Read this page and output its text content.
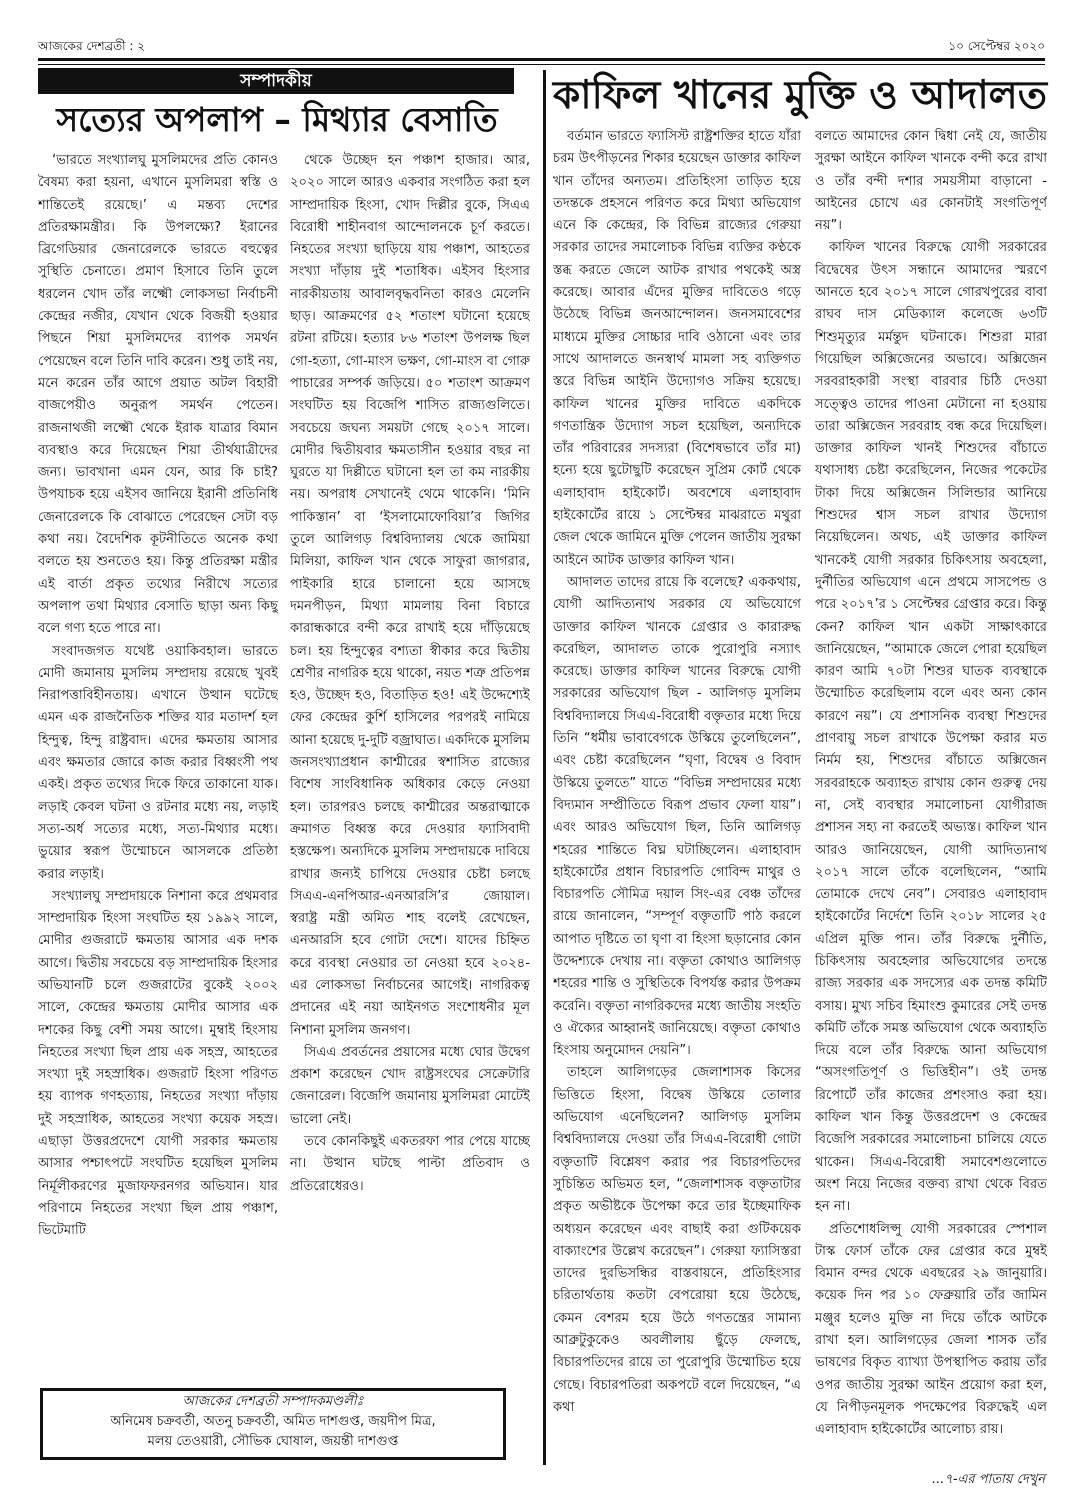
আজকের দেশব্রতী : ২	১০ সেপ্টেম্বর ২০২০
সম্পাদকীয়
সত্যের অপলাপ – মিথ্যার বেসাতি
কাফিল খানের মুক্তি ও আদালত

‘ভারতে সংখ্যালঘু মুসলিমদের প্রতি কোনও বৈষম্য করা হয়না, এখানে মুসলিমরা স্বস্তি ও শান্তিতেই রয়েছে।’ এ মন্তব্য দেশের প্রতিরক্ষামন্ত্রীর। কি উপলক্ষ্যে? ইরানের ব্রিগেডিয়ার জেনারেলকে ভারতে বহুত্বের সুস্থিতি চেনাতে। প্রমাণ হিসাবে তিনি তুলে ধরলেন খোদ তাঁর লক্ষ্মৌ লোকসভা নির্বাচনী কেন্দ্রের নজীর, যেখান থেকে বিজয়ী হওয়ার পিছনে শিয়া মুসলিমদের ব্যাপক সমর্থন পেয়েছেন বলে তিনি দাবি করেন। শুধু তাই নয়, মনে করেন তাঁর আগে প্রয়াত অটল বিহারী বাজপেয়ীও অনুরূপ সমর্থন পেতেন। রাজনাথজী লক্ষ্মৌ থেকে ইরাক যাত্রার বিমান ব্যবস্থাও করে দিয়েছেন শিয়া তীর্থযাত্রীদের জন্য। ভাবখানা এমন যেন, আর কি চাই? উপযাচক হয়ে এইসব জানিয়ে ইরানী প্রতিনিধি জেনারেলকে কি বোঝাতে পেরেছেন সেটা বড় কথা নয়। বৈদেশিক কূটনীতিতে অনেক কথা বলতে হয় শুনতেও হয়। কিন্তু প্রতিরক্ষা মন্ত্রীর এই বার্তা প্রকৃত তথ্যের নিরীখে সত্যের অপলাপ তথা মিথ্যার বেসাতি ছাড়া অন্য কিছু বলে গণ্য হতে পারে না।

সংবাদজগত যথেষ্ট ওয়াকিবহাল। ভারতে মোদী জমানায় মুসলিম সম্প্রদায় রয়েছে খুবই নিরাপত্তাবিহীনতায়। এখানে উত্থান ঘটেছে এমন এক রাজনৈতিক শক্তির যার মতাদর্শ হল হিন্দুত্ব, হিন্দু রাষ্ট্রবাদ। এদের ক্ষমতায় আসার এবং ক্ষমতার জোরে কাজ করার বিধ্বংসী পথ একই। প্রকৃত তথ্যের দিকে ফিরে তাকানো যাক। লড়াই কেবল ঘটনা ও রটনার মধ্যে নয়, লড়াই সত্য-অর্ধ সত্যের মধ্যে, সত্য-মিথ্যার মধ্যে। ভুয়োর স্বরূপ উম্মোচনে আসলকে প্রতিষ্ঠা করার লড়াই।

সংখ্যালঘু সম্প্রদায়কে নিশানা করে প্রথমবার সাম্প্রদায়িক হিংসা সংঘটিত হয় ১৯৯২ সালে, মোদীর গুজরাটে ক্ষমতায় আসার এক দশক আগে। দ্বিতীয় সবচেয়ে বড় সাম্প্রদায়িক হিংসার অভিযানটি চলে গুজরাটের বুকেই ২০০২ সালে, কেন্দ্রের ক্ষমতায় মোদীর আসার এক দশকের কিছু বেশী সময় আগে। মুম্বাই হিংসায় নিহতের সংখ্যা ছিল প্রায় এক সহস্র, আহতের সংখ্যা দুই সহস্রাধিক। গুজরাট হিংসা পরিণত হয় ব্যাপক গণহত্যায়, নিহতের সংখ্যা দাঁড়ায় দুই সহস্রাধিক, আহতের সংখ্যা কয়েক সহস্র। এছাড়া উত্তরপ্রদেশে যোগী সরকার ক্ষমতায় আসার পশ্চাৎপটে সংঘটিত হয়েছিল মুসলিম নির্মূলীকরণের মুজাফফরনগর অভিযান। যার পরিণামে নিহতের সংখ্যা ছিল প্রায় পঞ্চাশ, ভিটেমাটি

থেকে উচ্ছেদ হন পঞ্চাশ হাজার। আর, ২০২০ সালে আরও একবার সংগঠিত করা হল সাম্প্রদায়িক হিংসা, খোদ দিল্লীর বুকে, সিএএ বিরোধী শাহীনবাগ আন্দোলনকে চূর্ণ করতে। নিহতের সংখ্যা ছাড়িয়ে যায় পঞ্চাশ, আহতের সংখ্যা দাঁড়ায় দুই শতাধিক। এইসব হিংসার নারকীয়তায় আবালবৃদ্ধবনিতা কারও মেলেনি ছাড়। আক্রমণের ৫২ শতাংশ ঘটানো হয়েছে রটনা রটিয়ে। হত্যার ৮৬ শতাংশ উপলক্ষ ছিল গো-হত্যা, গো-মাংস ভক্ষণ, গো-মাংস বা গোরু পাচারের সম্পর্ক জড়িয়ে। ৫০ শতাংশ আক্রমণ সংঘটিত হয় বিজেপি শাসিত রাজ্যগুলিতে। সবচেয়ে জঘন্য সময়টা গেছে ২০১৭ সালে। মোদীর দ্বিতীয়বার ক্ষমতাসীন হওয়ার বছর না ঘুরতে যা দিল্লীতে ঘটানো হল তা কম নারকীয় নয়। অপরাধ সেখানেই থেমে থাকেনি। ‘মিনি পাকিস্তান’ বা ‘ইসলামোফোবিয়া’র জিগির তুলে আলিগড় বিশ্ববিদ্যালয় থেকে জামিয়া মিলিয়া, কাফিল খান থেকে সাফুরা জাগরার, পাইকারি হারে চালানো হয়ে আসছে দমনপীড়ন, মিথ্যা মামলায় বিনা বিচারে কারান্ধকারে বন্দী করে রাখাই হয়ে দাঁড়িয়েছে চল। হয় হিন্দুত্বের বশ্যতা স্বীকার করে দ্বিতীয় শ্রেণীর নাগরিক হয়ে থাকো, নয়ত শত্রু প্রতিপন্ন হও, উচ্ছেদ হও, বিতাড়িত হও! এই উদ্দেশ্যেই ফের কেন্দ্রের কুর্শি হাসিলের পরপরই নামিয়ে আনা হয়েছে দু-দুটি বজ্রাঘাত। একদিকে মুসলিম জনসংখ্যাপ্রধান কাশ্মীরের স্বশাসিত রাজ্যের বিশেষ সাংবিধানিক অধিকার কেড়ে নেওয়া হল। তারপরও চলছে কাশ্মীরের অন্তরাত্মাকে ক্রমাগত বিধ্বস্ত করে দেওয়ার ফ্যাসিবাদী হস্তক্ষেপ। অন্যদিকে মুসলিম সম্প্রদায়কে দাবিয়ে রাখার জন্যই চাপিয়ে দেওয়ার চেষ্টা চলছে সিএএ-এনপিআর-এনআরসি’র জোয়াল। স্বরাষ্ট্র মন্ত্রী অমিত শাহ বলেই রেখেছেন, এনআরসি হবে গোটা দেশে। যাদের চিহ্নিত করে ব্যবস্থা নেওয়ার তা নেওয়া হবে ২০২৪-এর লোকসভা নির্বাচনের আগেই। নাগরিকত্ব প্রদানের এই নয়া আইনগত সংশোধনীর মূল নিশানা মুসলিম জনগণ।

সিএএ প্রবর্তনের প্রয়াসের মধ্যে ঘোর উদ্বেগ প্রকাশ করেছেন খোদ রাষ্ট্রসংঘের সেক্রেটারি জেনারেল। বিজেপি জমানায় মুসলিমরা মোটেই ভালো নেই।

তবে কোনকিছুই একতরফা পার পেয়ে যাচ্ছে না। উত্থান ঘটছে পাল্টা প্রতিবাদ ও প্রতিরোধেরও।

আজকের দেশব্রতী সম্পাদকমণ্ডলীঃ
অনিমেষ চক্রবর্তী, অতনু চক্রবর্তী, অমিত দাশগুপ্ত, জয়দীপ মিত্র,
মলয় তেওয়ারী, সৌভিক ঘোষাল, জয়ন্তী দাশগুপ্ত

বর্তমান ভারতে ফ্যাসিস্ট রাষ্ট্রশক্তির হাতে যাঁরা চরম উৎপীড়নের শিকার হয়েছেন ডাক্তার কাফিল খান তাঁদের অন্যতম। প্রতিহিংসা তাড়িত হয়ে তদন্তকে প্রহসনে পরিণত করে মিথ্যা অভিযোগ এনে কি কেন্দ্রের, কি বিভিন্ন রাজ্যের গেরুয়া সরকার তাদের সমালোচক বিভিন্ন ব্যক্তির কণ্ঠকে স্তব্ধ করতে জেলে আটক রাখার পথকেই অস্ত্র করেছে। আবার এঁদের মুক্তির দাবিতেও গড়ে উঠেছে বিভিন্ন জনআন্দোলন। জনসমাবেশের মাধ্যমে মুক্তির সোচ্চার দাবি ওঠানো এবং তার সাথে আদালতে জনস্বার্থ মামলা সহ ব্যক্তিগত স্তরে বিভিন্ন আইনি উদ্যোগও সক্রিয় হয়েছে। কাফিল খানের মুক্তির দাবিতে একদিকে গণতান্ত্রিক উদ্যোগ সচল হয়েছিল, অন্যদিকে তাঁর পরিবারের সদস্যরা (বিশেষভাবে তাঁর মা) হন্যে হয়ে ছুটোছুটি করেছেন সুপ্রিম কোর্ট থেকে এলাহাবাদ হাইকোর্ট। অবশেষে এলাহাবাদ হাইকোর্টের রায়ে ১ সেপ্টেম্বর মাঝরাতে মথুরা জেল থেকে জামিনে মুক্তি পেলেন জাতীয় সুরক্ষা আইনে আটক ডাক্তার কাফিল খান।

আদালত তাদের রায়ে কি বলেছে? এককথায়, যোগী আদিত্যনাথ সরকার যে অভিযোগে ডাক্তার কাফিল খানকে গ্রেপ্তার ও কারারুদ্ধ করেছিল, আদালত তাকে পুরোপুরি নস্যাৎ করেছে। ডাক্তার কাফিল খানের বিরুদ্ধে যোগী সরকারের অভিযোগ ছিল - আলিগড় মুসলিম বিশ্ববিদ্যালয়ে সিএএ-বিরোধী বক্তৃতার মধ্যে দিয়ে তিনি “ধর্মীয় ভাবাবেগকে উস্কিয়ে তুলেছিলেন”, এবং চেষ্টা করেছিলেন “ঘৃণা, বিদ্বেষ ও বিবাদ উস্কিয়ে তুলতে” যাতে “বিভিন্ন সম্প্রদায়ের মধ্যে বিদ্যমান সম্প্রীতিতে বিরূপ প্রভাব ফেলা যায়”। এবং আরও অভিযোগ ছিল, তিনি আলিগড় শহরের শান্তিতে বিঘ্ন ঘটাচ্ছিলেন। এলাহাবাদ হাইকোর্টের প্রধান বিচারপতি গোবিন্দ মাথুর ও বিচারপতি সৌমিত্র দয়াল সিং-এর বেঞ্চ তাঁদের রায়ে জানালেন, “সম্পূর্ণ বক্তৃতাটি পাঠ করলে আপাত দৃষ্টিতে তা ঘৃণা বা হিংসা ছড়ানোর কোন উদ্দেশ্যকে দেখায় না। বক্তৃতা কোথাও আলিগড় শহরের শান্তি ও সুস্থিতিকে বিপর্যস্ত করার উপক্রম করেনি। বক্তৃতা নাগরিকদের মধ্যে জাতীয় সংহতি ও ঐক্যের আহ্বানই জানিয়েছে। বক্তৃতা কোথাও হিংসায় অনুমোদন দেয়নি”।

তাহলে আলিগড়ের জেলাশাসক কিসের ভিত্তিতে হিংসা, বিদ্বেষ উস্কিয়ে তোলার অভিযোগ এনেছিলেন? আলিগড় মুসলিম বিশ্ববিদ্যালয়ে দেওয়া তাঁর সিএএ-বিরোধী গোটা বক্তৃতাটি বিশ্লেষণ করার পর বিচারপতিদের সুচিন্তিত অভিমত হল, “জেলাশাসক বক্তৃতাটার প্রকৃত অভীষ্টকে উপেক্ষা করে তার ইচ্ছেমাফিক অধ্যয়ন করেছেন এবং বাছাই করা গুটিকয়েক বাক্যাংশের উল্লেখ করেছেন”। গেরুয়া ফ্যাসিস্তরা তাদের দুরভিসন্ধির বাস্তবায়নে, প্রতিহিংসার চরিতার্থতায় কতটা বেপরোয়া হয়ে উঠেছে, কেমন বেশরম হয়ে উঠে গণতন্ত্রের সামান্য আব্রুটুকুকেও অবলীলায় ছুঁড়ে ফেলছে, বিচারপতিদের রায়ে তা পুরোপুরি উম্মোচিত হয়ে গেছে। বিচারপতিরা অকপটে বলে দিয়েছেন, “এ কথা

বলতে আমাদের কোন দ্বিধা নেই যে, জাতীয় সুরক্ষা আইনে কাফিল খানকে বন্দী করে রাখা ও তাঁর বন্দী দশার সময়সীমা বাড়ানো - আইনের চোখে এর কোনটাই সংগতিপূর্ণ নয়”।

কাফিল খানের বিরুদ্ধে যোগী সরকারের বিদ্বেষের উৎস সন্ধানে আমাদের স্মরণে আনতে হবে ২০১৭ সালে গোরখপুরের বাবা রাঘব দাস মেডিক্যাল কলেজে ৬৩টি শিশুমৃত্যুর মর্মন্তুদ ঘটনাকে। শিশুরা মারা গিয়েছিল অক্সিজেনের অভাবে। অক্সিজেন সরবরাহকারী সংস্থা বারবার চিঠি দেওয়া সত্ত্বেও তাদের পাওনা মেটানো না হওয়ায় তারা অক্সিজেন সরবরাহ বন্ধ করে দিয়েছিল। ডাক্তার কাফিল খানই শিশুদের বাঁচাতে যথাসাধ্য চেষ্টা করেছিলেন, নিজের পকেটের টাকা দিয়ে অক্সিজেন সিলিন্ডার আনিয়ে শিশুদের শ্বাস সচল রাখার উদ্যোগ নিয়েছিলেন। অথচ, এই ডাক্তার কাফিল খানকেই যোগী সরকার চিকিৎসায় অবহেলা, দুর্নীতির অভিযোগ এনে প্রথমে সাসপেন্ড ও পরে ২০১৭’র ১ সেপ্টেম্বর গ্রেপ্তার করে। কিন্তু কেন? কাফিল খান একটা সাক্ষাৎকারে জানিয়েছেন, “আমাকে জেলে পোরা হয়েছিল কারণ আমি ৭০টা শিশুর ঘাতক ব্যবস্থাকে উম্মোচিত করেছিলাম বলে এবং অন্য কোন কারণে নয়”। যে প্রশাসনিক ব্যবস্থা শিশুদের প্রাণবায়ু সচল রাখাকে উপেক্ষা করার মত নির্মম হয়, শিশুদের বাঁচাতে অক্সিজেন সরবরাহকে অব্যাহত রাখায় কোন গুরুত্ব দেয় না, সেই ব্যবস্থার সমালোচনা যোগীরাজ প্রশাসন সহ্য না করতেই অভ্যস্ত। কাফিল খান আরও জানিয়েছেন, যোগী আদিত্যনাথ ২০১৭ সালে তাঁকে বলেছিলেন, “আমি তোমাকে দেখে নেব”। সেবারও এলাহাবাদ হাইকোর্টের নির্দেশে তিনি ২০১৮ সালের ২৫ এপ্রিল মুক্তি পান। তাঁর বিরুদ্ধে দুর্নীতি, চিকিৎসায় অবহেলার অভিযোগের তদন্তে রাজ্য সরকার এক সদস্যের এক তদন্ত কমিটি বসায়। মুখ্য সচিব হিমাংশু কুমারের সেই তদন্ত কমিটি তাঁকে সমস্ত অভিযোগ থেকে অব্যাহতি দিয়ে বলে তাঁর বিরুদ্ধে আনা অভিযোগ “অসংগতিপূর্ণ ও ভিত্তিহীন”। ওই তদন্ত রিপোর্টে তাঁর কাজের প্রশংসাও করা হয়। কাফিল খান কিন্তু উত্তরপ্রদেশ ও কেন্দ্রের বিজেপি সরকারের সমালোচনা চালিয়ে যেতে থাকেন। সিএএ-বিরোধী সমাবেশগুলোতে অংশ নিয়ে নিজের বক্তব্য রাখা থেকে বিরত হন না।

প্রতিশোধলিপ্সু যোগী সরকারের স্পেশাল টাস্ক ফোর্স তাঁকে ফের গ্রেপ্তার করে মুম্বই বিমান বন্দর থেকে এবছরের ২৯ জানুয়ারি। কয়েক দিন পর ১০ ফেব্রুয়ারি তাঁর জামিন মঞ্জুর হলেও মুক্তি না দিয়ে তাঁকে আটকে রাখা হল। আলিগড়ের জেলা শাসক তাঁর ভাষণের বিকৃত ব্যাখ্যা উপস্থাপিত করায় তাঁর ওপর জাতীয় সুরক্ষা আইন প্রয়োগ করা হল, যে নিপীড়নমূলক পদক্ষেপের বিরুদ্ধেই এল এলাহাবাদ হাইকোর্টের আলোচ্য রায়।

...৭-এর পাতায় দেখুন
